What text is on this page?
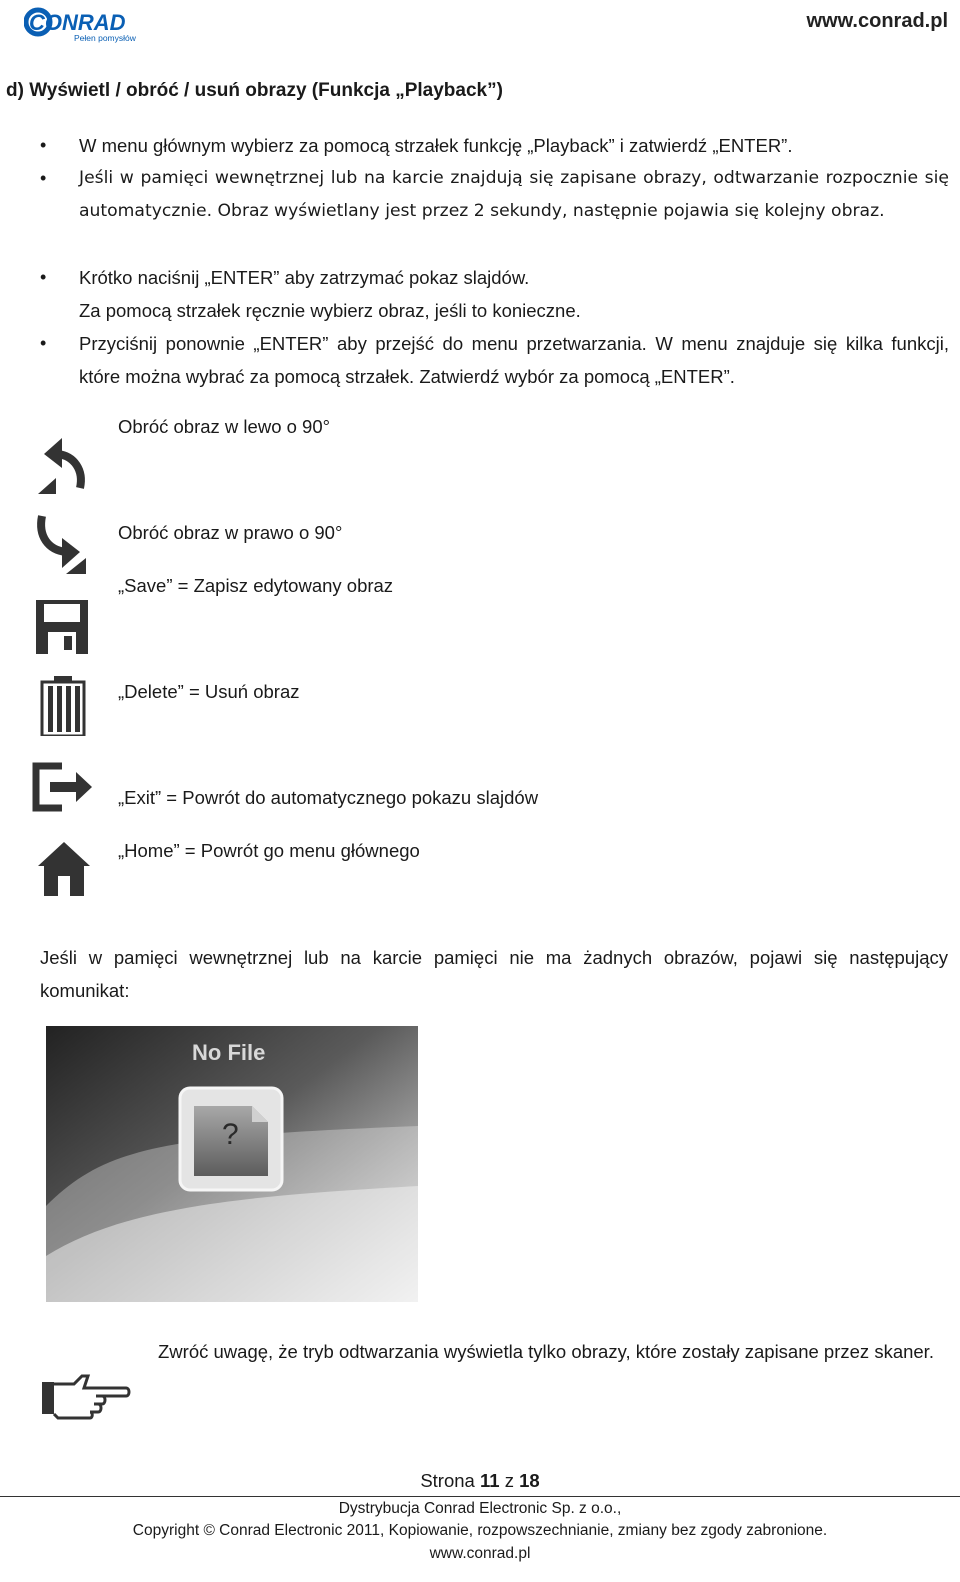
CONRAD
Pełen pomysłów
www.conrad.pl
d) Wyświetl / obróć / usuń obrazy (Funkcja „Playback”)
• W menu głównym wybierz za pomocą strzałek funkcję „Playback” i zatwierdź „ENTER”.
• Jeśli w pamięci wewnętrznej lub na karcie znajdują się zapisane obrazy, odtwarzanie rozpocznie się automatycznie. Obraz wyświetlany jest przez 2 sekundy, następnie pojawia się kolejny obraz.
• Krótko naciśnij „ENTER” aby zatrzymać pokaz slajdów.
Za pomocą strzałek ręcznie wybierz obraz, jeśli to konieczne.
• Przyciśnij ponownie „ENTER” aby przejść do menu przetwarzania. W menu znajduje się kilka funkcji, które można wybrać za pomocą strzałek. Zatwierdź wybór za pomocą „ENTER”.
Obróć obraz w lewo o 90°
Obróć obraz w prawo o 90°
„Save” = Zapisz edytowany obraz
„Delete” = Usuń obraz
„Exit” = Powrót do automatycznego pokazu slajdów
„Home” = Powrót go menu głównego
Jeśli w pamięci wewnętrznej lub na karcie pamięci nie ma żadnych obrazów, pojawi się następujący komunikat:
No File
?
Zwróć uwagę, że tryb odtwarzania wyświetla tylko obrazy, które zostały zapisane przez skaner.
Strona 11 z 18
Dystrybucja Conrad Electronic Sp. z o.o.,
Copyright © Conrad Electronic 2011, Kopiowanie, rozpowszechnianie, zmiany bez zgody zabronione.
www.conrad.pl
